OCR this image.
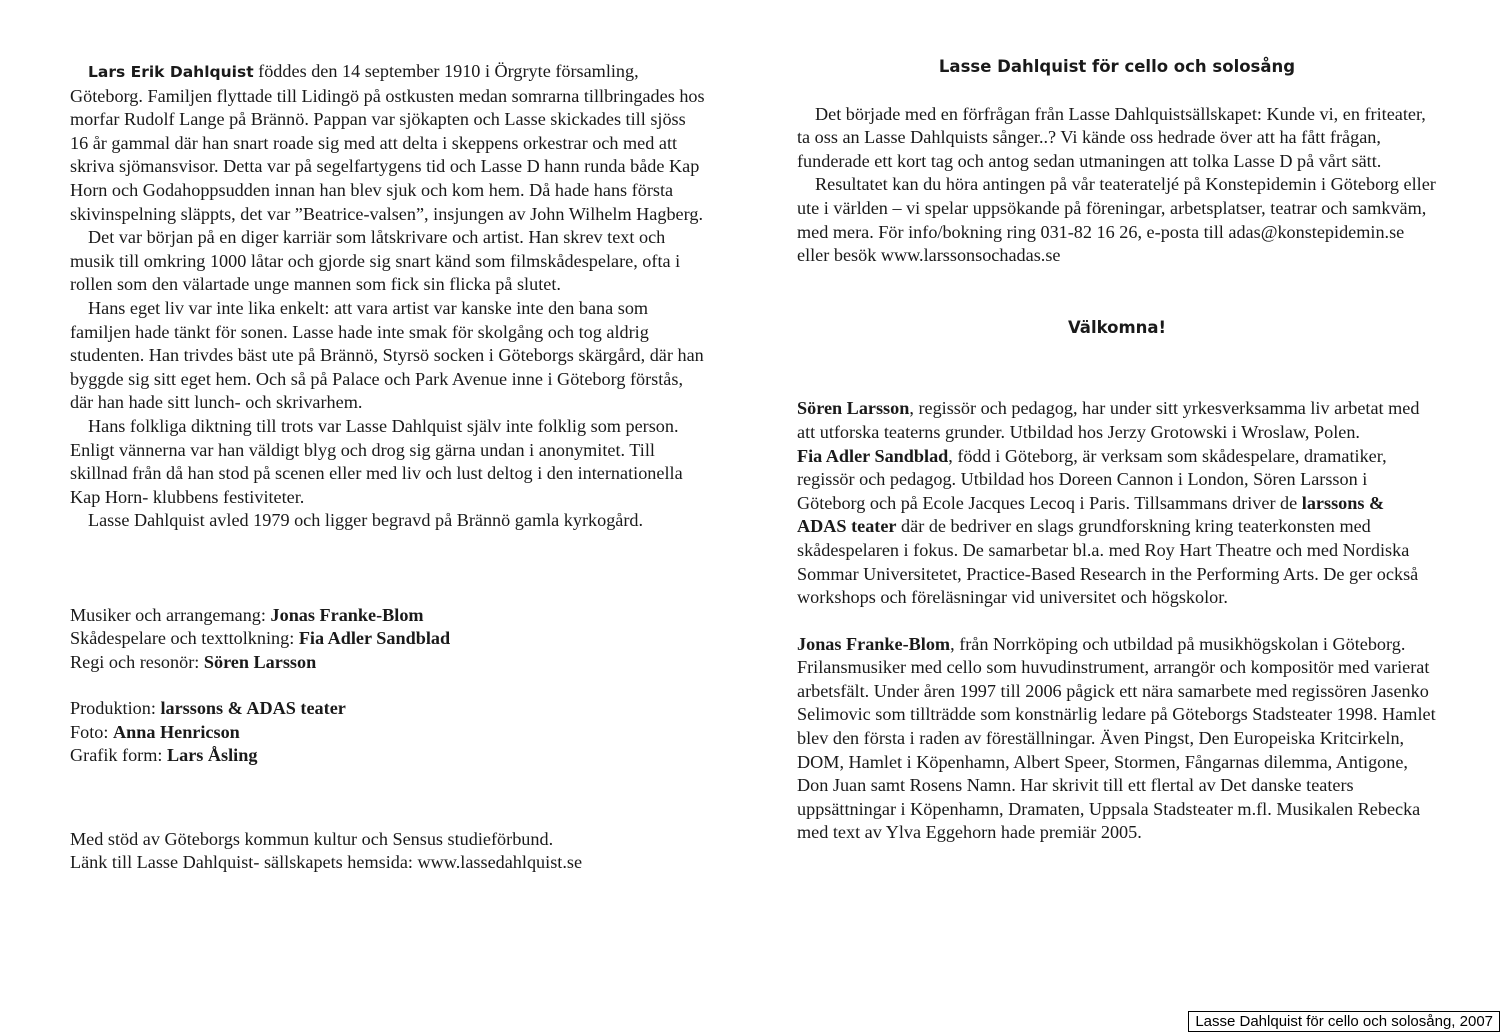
Lars Erik Dahlquist föddes den 14 september 1910 i Örgryte församling, Göteborg. Familjen flyttade till Lidingö på ostkusten medan somrarna tillbringades hos morfar Rudolf Lange på Brännö. Pappan var sjökapten och Lasse skickades till sjöss 16 år gammal där han snart roade sig med att delta i skeppens orkestrar och med att skriva sjömansvisor. Detta var på segelfartygens tid och Lasse D hann runda både Kap Horn och Godahoppsudden innan han blev sjuk och kom hem. Då hade hans första skivinspelning släppts, det var ”Beatrice-valsen”, insjungen av John Wilhelm Hagberg.

Det var början på en diger karriär som låtskrivare och artist. Han skrev text och musik till omkring 1000 låtar och gjorde sig snart känd som filmskådespelare, ofta i rollen som den välartade unge mannen som fick sin flicka på slutet.

Hans eget liv var inte lika enkelt: att vara artist var kanske inte den bana som familjen hade tänkt för sonen. Lasse hade inte smak för skolgång och tog aldrig studenten. Han trivdes bäst ute på Brännö, Styrsö socken i Göteborgs skärgård, där han byggde sig sitt eget hem. Och så på Palace och Park Avenue inne i Göteborg förstås, där han hade sitt lunch- och skrivarhem.

Hans folkliga diktning till trots var Lasse Dahlquist själv inte folklig som person. Enligt vännerna var han väldigt blyg och drog sig gärna undan i anonymitet. Till skillnad från då han stod på scenen eller med liv och lust deltog i den internationella Kap Horn- klubbens festiviteter.

Lasse Dahlquist avled 1979 och ligger begravd på Brännö gamla kyrkogård.

Musiker och arrangemang: Jonas Franke-Blom

Skådespelare och texttolkning: Fia Adler Sandblad

Regi och resonör: Sören Larsson

Produktion: larssons & ADAS teater

Foto: Anna Henricson

Grafik form: Lars Åsling

Med stöd av Göteborgs kommun kultur och Sensus studieförbund.

Länk till Lasse Dahlquist- sällskapets hemsida: www.lassedahlquist.se

Lasse Dahlquist för cello och solosång

Det började med en förfrågan från Lasse Dahlquistsällskapet: Kunde vi, en friteater, ta oss an Lasse Dahlquists sånger..? Vi kände oss hedrade över att ha fått frågan, funderade ett kort tag och antog sedan utmaningen att tolka Lasse D på vårt sätt.

Resultatet kan du höra antingen på vår teaterateljé på Konstepidemin i Göteborg eller ute i världen – vi spelar uppsökande på föreningar, arbetsplatser, teatrar och samkväm, med mera. För info/bokning ring 031-82 16 26, e-posta till adas@konstepidemin.se eller besök www.larssonsochadas.se

Välkomna!

Sören Larsson, regissör och pedagog, har under sitt yrkesverksamma liv arbetat med att utforska teaterns grunder. Utbildad hos Jerzy Grotowski i Wroslaw, Polen.

Fia Adler Sandblad, född i Göteborg, är verksam som skådespelare, dramatiker, regissör och pedagog. Utbildad hos Doreen Cannon i London, Sören Larsson i Göteborg och på Ecole Jacques Lecoq i Paris. Tillsammans driver de larssons & ADAS teater där de bedriver en slags grundforskning kring teaterkonsten med skådespelaren i fokus. De samarbetar bl.a. med Roy Hart Theatre och med Nordiska Sommar Universitetet, Practice-Based Research in the Performing Arts. De ger också workshops och föreläsningar vid universitet och högskolor.

Jonas Franke-Blom, från Norrköping och utbildad på musikhögskolan i Göteborg. Frilansmusiker med cello som huvudinstrument, arrangör och kompositör med varierat arbetsfält. Under åren 1997 till 2006 pågick ett nära samarbete med regissören Jasenko Selimovic som tillträdde som konstnärlig ledare på Göteborgs Stadsteater 1998. Hamlet blev den första i raden av föreställningar. Även Pingst, Den Europeiska Kritcirkeln, DOM, Hamlet i Köpenhamn, Albert Speer, Stormen, Fångarnas dilemma, Antigone, Don Juan samt Rosens Namn. Har skrivit till ett flertal av Det danske teaters uppsättningar i Köpenhamn, Dramaten, Uppsala Stadsteater m.fl. Musikalen Rebecka med text av Ylva Eggehorn hade premiär 2005.

Lasse Dahlquist för cello och solosång, 2007
